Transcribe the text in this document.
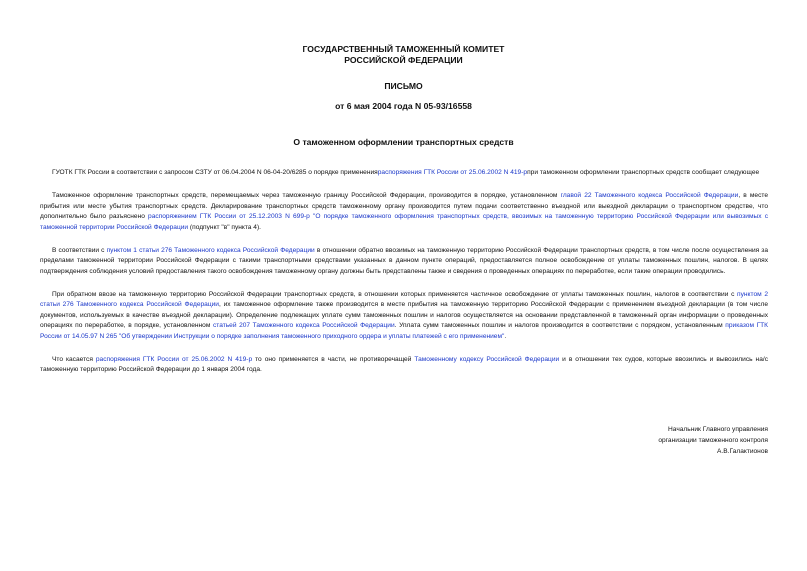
ГОСУДАРСТВЕННЫЙ ТАМОЖЕННЫЙ КОМИТЕТ
РОССИЙСКОЙ ФЕДЕРАЦИИ
ПИСЬМО
от 6 мая 2004 года N 05-93/16558
О таможенном оформлении транспортных средств

ГУОТК ГТК России в соответствии с запросом СЗТУ от 06.04.2004 N 06-04-20/6285 о порядке примененияраспоряжения ГТК России от 25.06.2002 N 419-рпри таможенном оформлении транспортных средств сообщает следующее

Таможенное оформление транспортных средств, перемещаемых через таможенную границу Российской Федерации, производится в порядке, установленном главой 22 Таможенного кодекса Российской Федерации, в месте прибытия или месте убытия транспортных средств. Декларирование транспортных средств таможенному органу производится путем подачи соответственно въездной или выездной декларации о транспортном средстве, что дополнительно было разъяснено распоряжением ГТК России от 25.12.2003 N 699-р "О порядке таможенного оформления транспортных средств, ввозимых на таможенную территорию Российской Федерации или вывозимых с таможенной территории Российской Федерации (подпункт "в" пункта 4).

В соответствии с пунктом 1 статьи 276 Таможенного кодекса Российской Федерации в отношении обратно ввозимых на таможенную территорию Российской Федерации транспортных средств, в том числе после осуществления за пределами таможенной территории Российской Федерации с такими транспортными средствами указанных в данном пункте операций, предоставляется полное освобождение от уплаты таможенных пошлин, налогов. В целях подтверждения соблюдения условий предоставления такого освобождения таможенному органу должны быть представлены также и сведения о проведенных операциях по переработке, если такие операции проводились.

При обратном ввозе на таможенную территорию Российской Федерации транспортных средств, в отношении которых применяется частичное освобождение от уплаты таможенных пошлин, налогов в соответствии с пунктом 2 статьи 276 Таможенного кодекса Российской Федерации, их таможенное оформление также производится в месте прибытия на таможенную территорию Российской Федерации с применением въездной декларации (в том числе документов, используемых в качестве въездной декларации). Определение подлежащих уплате сумм таможенных пошлин и налогов осуществляется на основании представленной в таможенный орган информации о проведенных операциях по переработке, в порядке, установленном статьей 207 Таможенного кодекса Российской Федерации. Уплата сумм таможенных пошлин и налогов производится в соответствии с порядком, установленным приказом ГТК России от 14.05.97 N 265 "Об утверждении Инструкции о порядке заполнения таможенного приходного ордера и уплаты платежей с его применением".

Что касается распоряжения ГТК России от 25.06.2002 N 419-р то оно применяется в части, не противоречащей Таможенному кодексу Российской Федерации и в отношении тех судов, которые ввозились и вывозились на/с таможенную территорию Российской Федерации до 1 января 2004 года.

Начальник Главного управления
организации таможенного контроля
А.В.Галактионов
